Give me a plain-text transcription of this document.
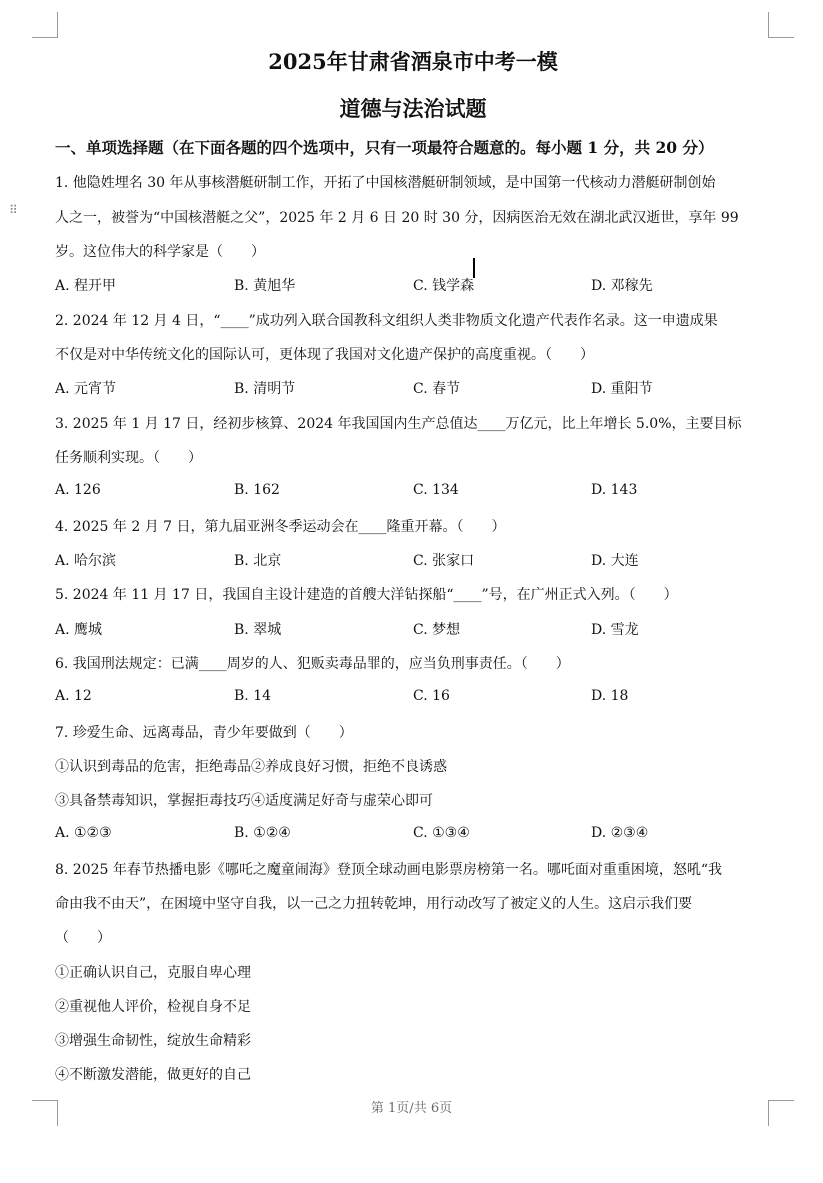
⠿
2025年甘肃省酒泉市中考一模
道德与法治试题
一、单项选择题（在下面各题的四个选项中，只有一项最符合题意的。每小题 1 分，共 20 分）
1. 他隐姓埋名 30 年从事核潜艇研制工作，开拓了中国核潜艇研制领域，是中国第一代核动力潜艇研制创始
人之一，被誉为“中国核潜艇之父”，2025 年 2 月 6 日 20 时 30 分，因病医治无效在湖北武汉逝世，享年 99
岁。这位伟大的科学家是（　　）
A. 程开甲	B. 黄旭华	C. 钱学森	D. 邓稼先
2. 2024 年 12 月 4 日，“____”成功列入联合国教科文组织人类非物质文化遗产代表作名录。这一申遗成果
不仅是对中华传统文化的国际认可，更体现了我国对文化遗产保护的高度重视。（　　）
A. 元宵节	B. 清明节	C. 春节	D. 重阳节
3. 2025 年 1 月 17 日，经初步核算、2024 年我国国内生产总值达____万亿元，比上年增长 5.0%，主要目标
任务顺利实现。（　　）
A. 126	B. 162	C. 134	D. 143
4. 2025 年 2 月 7 日，第九届亚洲冬季运动会在____隆重开幕。（　　）
A. 哈尔滨	B. 北京	C. 张家口	D. 大连
5. 2024 年 11 月 17 日，我国自主设计建造的首艘大洋钻探船“____”号，在广州正式入列。（　　）
A. 鹰城	B. 翠城	C. 梦想	D. 雪龙
6. 我国刑法规定：已满____周岁的人、犯贩卖毒品罪的，应当负刑事责任。（　　）
A. 12	B. 14	C. 16	D. 18
7. 珍爱生命、远离毒品，青少年要做到（　　）
①认识到毒品的危害，拒绝毒品②养成良好习惯，拒绝不良诱惑
③具备禁毒知识，掌握拒毒技巧④适度满足好奇与虚荣心即可
A. ①②③	B. ①②④	C. ①③④	D. ②③④
8. 2025 年春节热播电影《哪吒之魔童闹海》登顶全球动画电影票房榜第一名。哪吒面对重重困境，怒吼“我
命由我不由天”，在困境中坚守自我，以一己之力扭转乾坤，用行动改写了被定义的人生。这启示我们要
（　　）
①正确认识自己，克服自卑心理
②重视他人评价，检视自身不足
③增强生命韧性，绽放生命精彩
④不断激发潜能，做更好的自己
第 1页/共 6页
